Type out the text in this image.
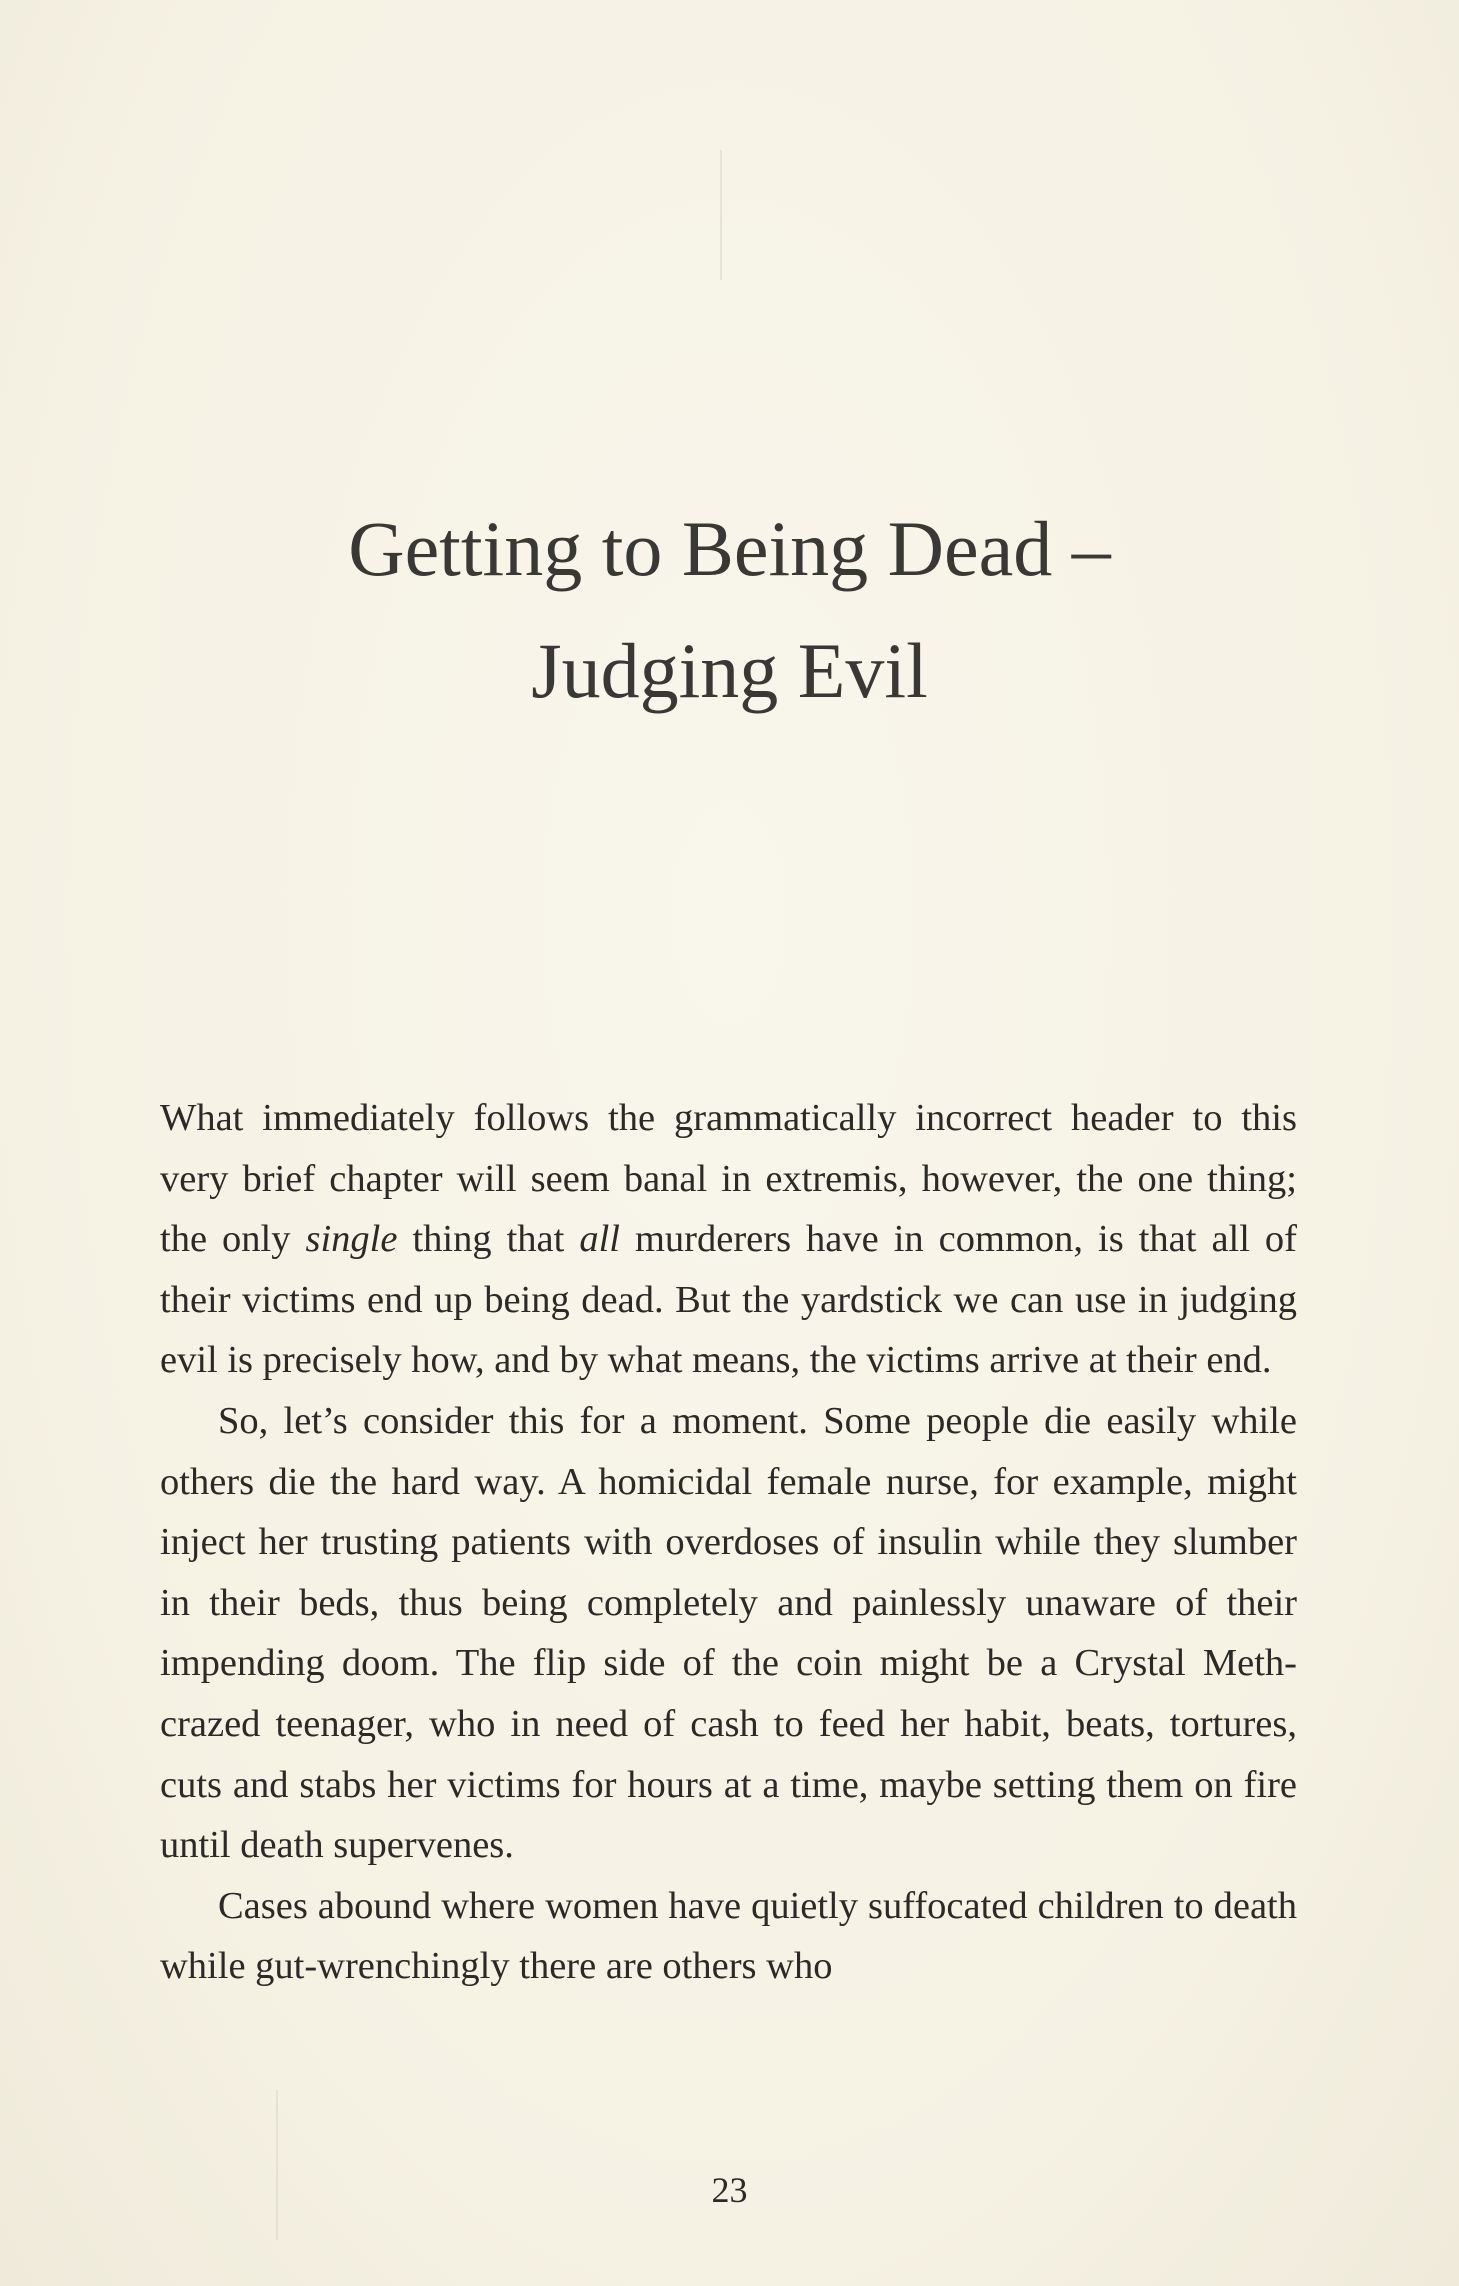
Getting to Being Dead –
Judging Evil

What immediately follows the grammatically incorrect header to this very brief chapter will seem banal in extremis, however, the one thing; the only single thing that all murderers have in common, is that all of their victims end up being dead. But the yardstick we can use in judging evil is precisely how, and by what means, the victims arrive at their end.

So, let’s consider this for a moment. Some people die easily while others die the hard way. A homicidal female nurse, for example, might inject her trusting patients with overdoses of insulin while they slumber in their beds, thus being completely and painlessly unaware of their impending doom. The flip side of the coin might be a Crystal Meth-crazed teenager, who in need of cash to feed her habit, beats, tortures, cuts and stabs her victims for hours at a time, maybe setting them on fire until death supervenes.

Cases abound where women have quietly suffocated children to death while gut-wrenchingly there are others who

23
